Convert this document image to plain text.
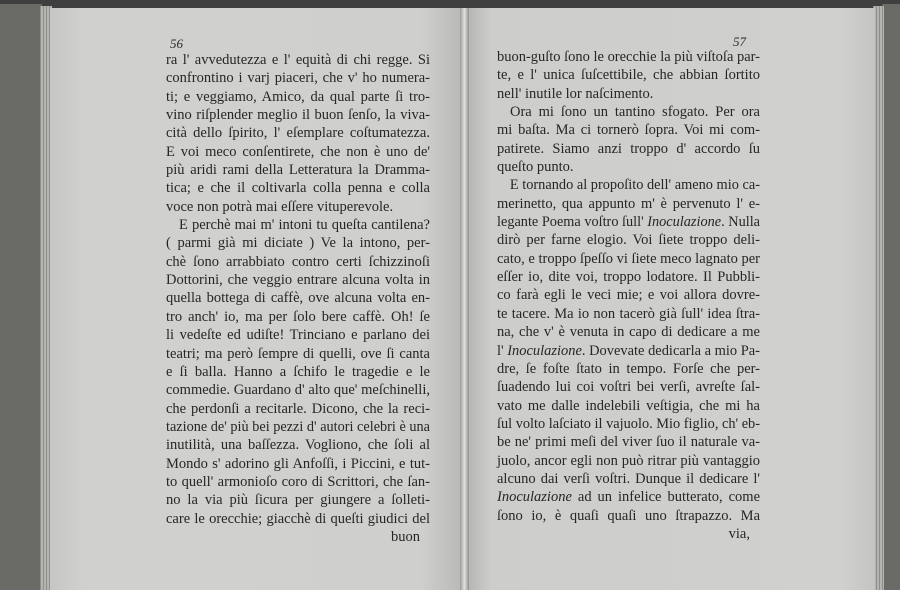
56	57
ra l' avvedutezza e l' equità di chi regge. Si
confrontino i varj piaceri, che v' ho numera-
ti; e veggiamo, Amico, da qual parte ſi tro-
vino riſplender meglio il buon ſenſo, la viva-
cità dello ſpirito, l' eſemplare coſtumatezza.
E voi meco conſentirete, che non è uno de'
più aridi rami della Letteratura la Dramma-
tica; e che il coltivarla colla penna e colla
voce non potrà mai eſſere vituperevole.
E perchè mai m' intoni tu queſta cantilena?
( parmi già mi diciate ) Ve la intono, per-
chè ſono arrabbiato contro certi ſchizzinoſi
Dottorini, che veggio entrare alcuna volta in
quella bottega di caffè, ove alcuna volta en-
tro anch' io, ma per ſolo bere caffè. Oh! ſe
li vedeſte ed udiſte! Trinciano e parlano dei
teatri; ma però ſempre di quelli, ove ſi canta
e ſi balla. Hanno a ſchifo le tragedie e le
commedie. Guardano d' alto que' meſchinelli,
che perdonſi a recitarle. Dicono, che la reci-
tazione de' più bei pezzi d' autori celebri è una
inutilità, una baſſezza. Vogliono, che ſoli al
Mondo s' adorino gli Anfoſſi, i Piccini, e tut-
to quell' armonioſo coro di Scrittori, che ſan-
no la via più ſicura per giungere a ſolleti-
care le orecchie; giacchè di queſti giudici del
buon
buon-guſto ſono le orecchie la più viſtoſa par-
te, e l' unica ſuſcettibile, che abbian ſortito
nell' inutile lor naſcimento.
Ora mi ſono un tantino sfogato. Per ora
mi baſta. Ma ci tornerò ſopra. Voi mi com-
patirete. Siamo anzi troppo d' accordo ſu
queſto punto.
E tornando al propoſito dell' ameno mio ca-
merinetto, qua appunto m' è pervenuto l' e-
legante Poema voſtro ſull' Inoculazione. Nulla
dirò per farne elogio. Voi ſiete troppo deli-
cato, e troppo ſpeſſo vi ſiete meco lagnato per
eſſer io, dite voi, troppo lodatore. Il Pubbli-
co farà egli le veci mie; e voi allora dovre-
te tacere. Ma io non tacerò già ſull' idea ſtra-
na, che v' è venuta in capo di dedicare a me
l' Inoculazione. Dovevate dedicarla a mio Pa-
dre, ſe foſte ſtato in tempo. Forſe che per-
ſuadendo lui coi voſtri bei verſi, avreſte ſal-
vato me dalle indelebili veſtigia, che mi ha
ſul volto laſciato il vajuolo. Mio figlio, ch' eb-
be ne' primi meſi del viver ſuo il naturale va-
juolo, ancor egli non può ritrar più vantaggio
alcuno dai verſi voſtri. Dunque il dedicare l'
Inoculazione ad un infelice butterato, come
ſono io, è quaſi quaſi uno ſtrapazzo. Ma
via,
